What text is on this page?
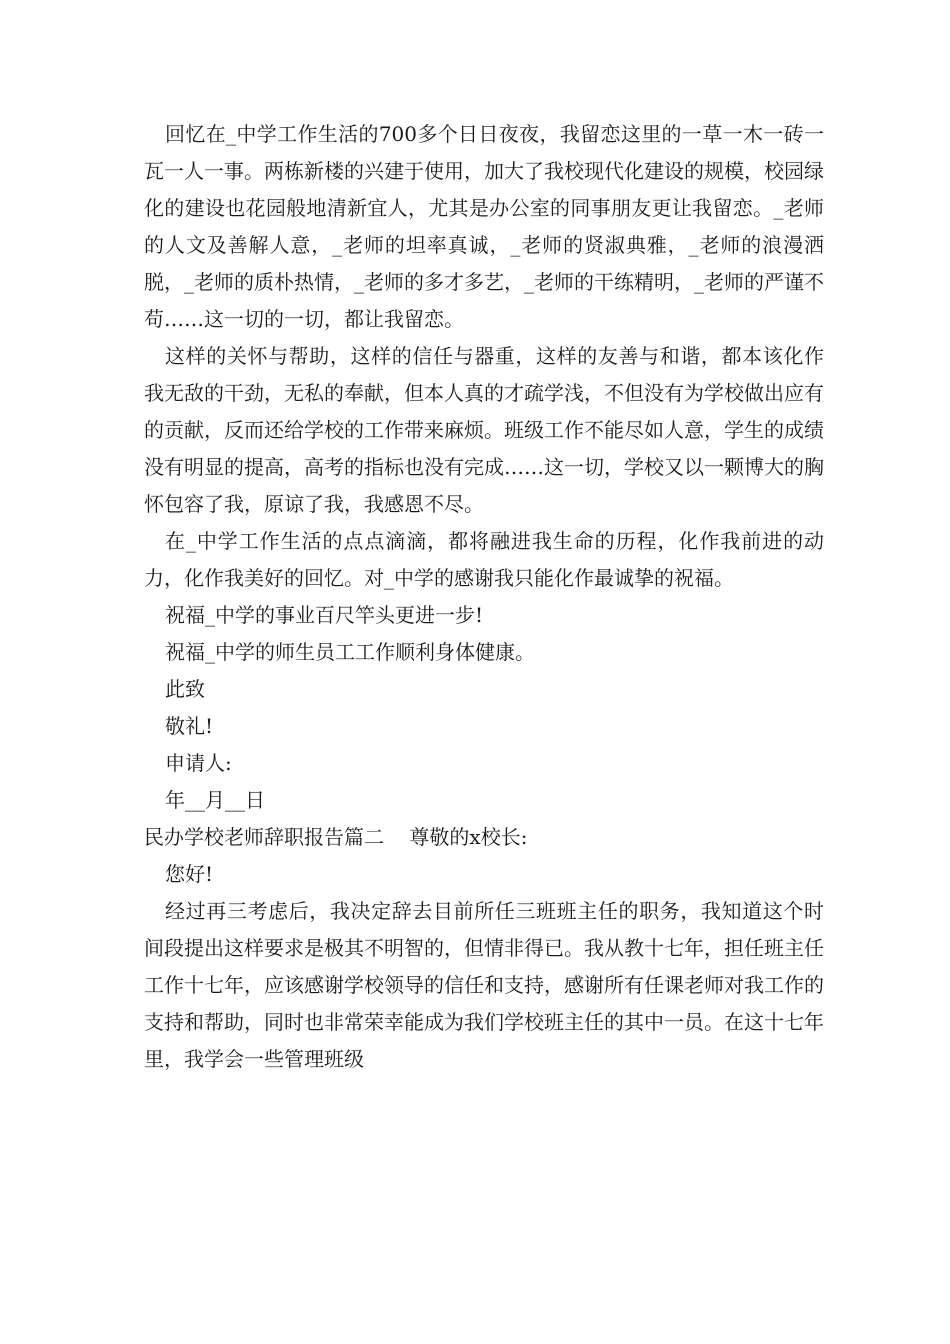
回忆在_中学工作生活的700多个日日夜夜，我留恋这里的一草一木一砖一瓦一人一事。两栋新楼的兴建于使用，加大了我校现代化建设的规模，校园绿化的建设也花园般地清新宜人，尤其是办公室的同事朋友更让我留恋。_老师的人文及善解人意，_老师的坦率真诚，_老师的贤淑典雅，_老师的浪漫洒脱，_老师的质朴热情，_老师的多才多艺，_老师的干练精明，_老师的严谨不苟……这一切的一切，都让我留恋。

这样的关怀与帮助，这样的信任与器重，这样的友善与和谐，都本该化作我无敌的干劲，无私的奉献，但本人真的才疏学浅，不但没有为学校做出应有的贡献，反而还给学校的工作带来麻烦。班级工作不能尽如人意，学生的成绩没有明显的提高，高考的指标也没有完成……这一切，学校又以一颗博大的胸怀包容了我，原谅了我，我感恩不尽。

在_中学工作生活的点点滴滴，都将融进我生命的历程，化作我前进的动力，化作我美好的回忆。对_中学的感谢我只能化作最诚挚的祝福。

祝福_中学的事业百尺竿头更进一步!

祝福_中学的师生员工工作顺利身体健康。

此致

敬礼!

申请人:

年__月__日

民办学校老师辞职报告篇二    尊敬的x校长:

您好!

经过再三考虑后，我决定辞去目前所任三班班主任的职务，我知道这个时间段提出这样要求是极其不明智的，但情非得已。我从教十七年，担任班主任工作十七年，应该感谢学校领导的信任和支持，感谢所有任课老师对我工作的支持和帮助，同时也非常荣幸能成为我们学校班主任的其中一员。在这十七年里，我学会一些管理班级
